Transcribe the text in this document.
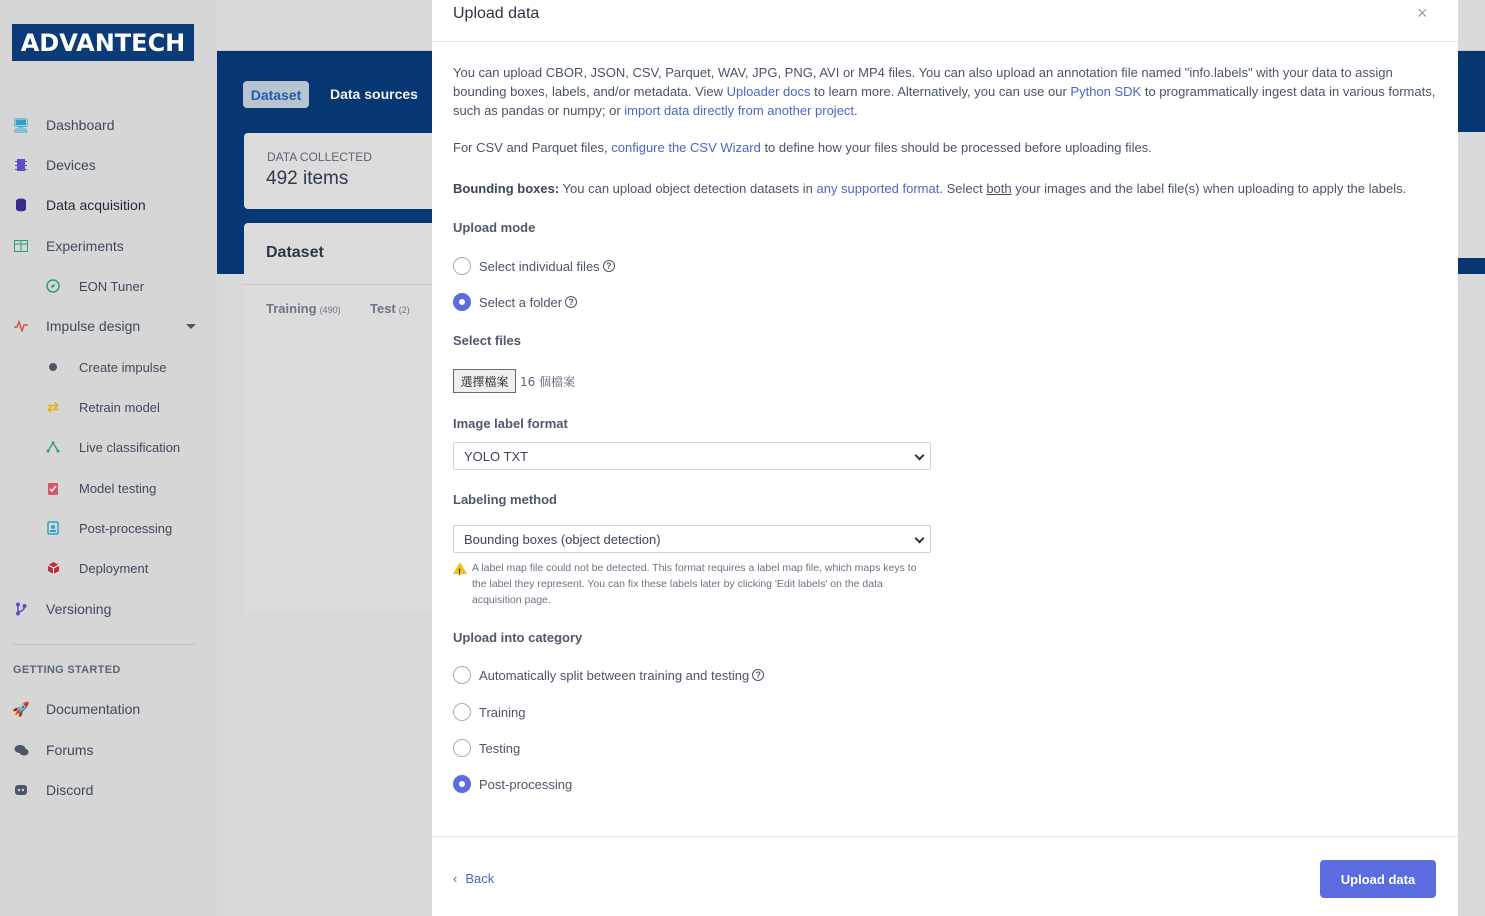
ADVANTECH
🖥 Dashboard
Devices
Data acquisition
Experiments
EON Tuner
Impulse design
Create impulse
⇄ Retrain model
Live classification
Model testing
Post-processing
Deployment
Versioning
GETTING STARTED
🚀 Documentation
Forums
Discord
Dataset	Data sources
DATA COLLECTED
492 items
Dataset
Training (490) Test (2)
Upload data	×
You can upload CBOR, JSON, CSV, Parquet, WAV, JPG, PNG, AVI or MP4 files. You can also upload an annotation file named "info.labels" with your data to assign bounding boxes, labels, and/or metadata. View Uploader docs to learn more. Alternatively, you can use our Python SDK to programmatically ingest data in various formats, such as pandas or numpy; or import data directly from another project.
For CSV and Parquet files, configure the CSV Wizard to define how your files should be processed before uploading files.
Bounding boxes: You can upload object detection datasets in any supported format. Select both your images and the label file(s) when uploading to apply the labels.
Upload mode
Select individual files ?
Select a folder ?
Select files
選擇檔案 16 個檔案
Image label format
YOLO TXT
Labeling method
Bounding boxes (object detection)
! A label map file could not be detected. This format requires a label map file, which maps keys to the label they represent. You can fix these labels later by clicking 'Edit labels' on the data acquisition page.
Upload into category
Automatically split between training and testing ?
Training
Testing
Post-processing
‹ Back	Upload data
